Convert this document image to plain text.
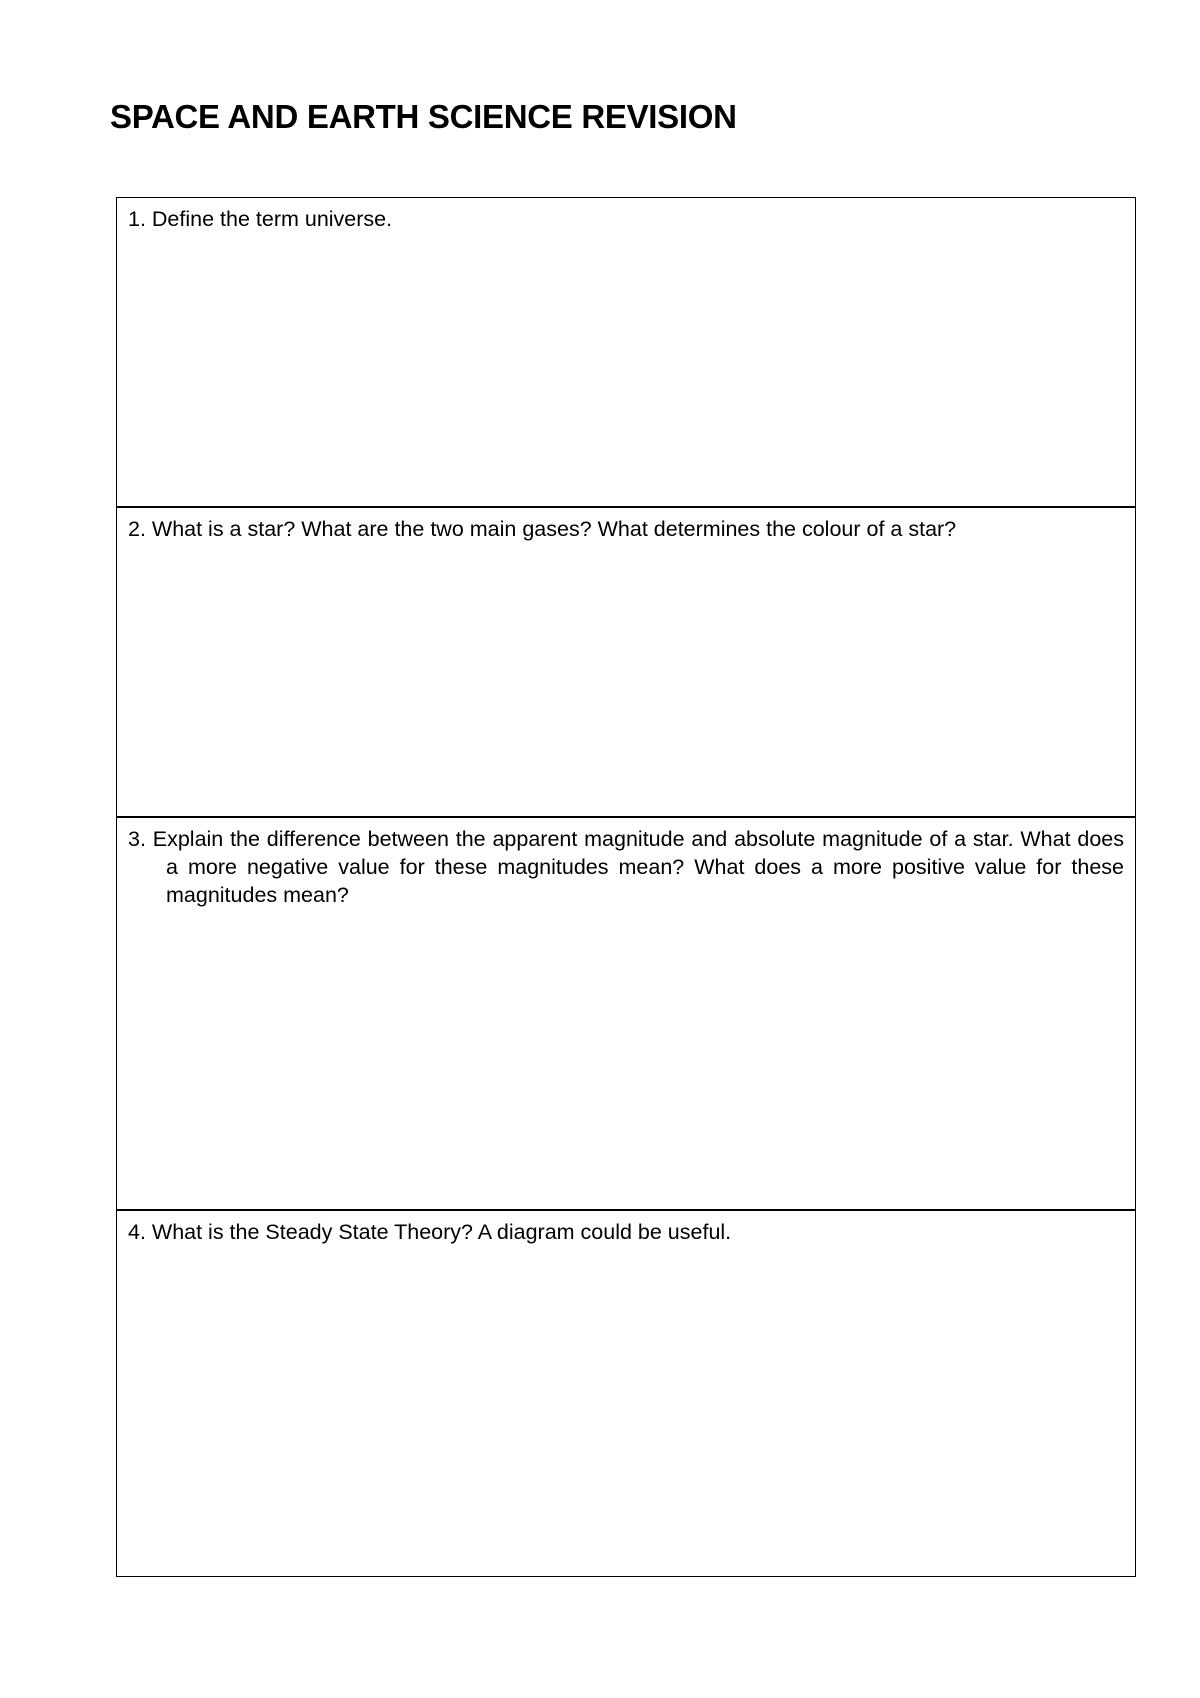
SPACE AND EARTH SCIENCE REVISION

1. Define the term universe.

2. What is a star? What are the two main gases? What determines the colour of a star?

3. Explain the difference between the apparent magnitude and absolute magnitude of a star. What does a more negative value for these magnitudes mean? What does a more positive value for these magnitudes mean?

4. What is the Steady State Theory? A diagram could be useful.
